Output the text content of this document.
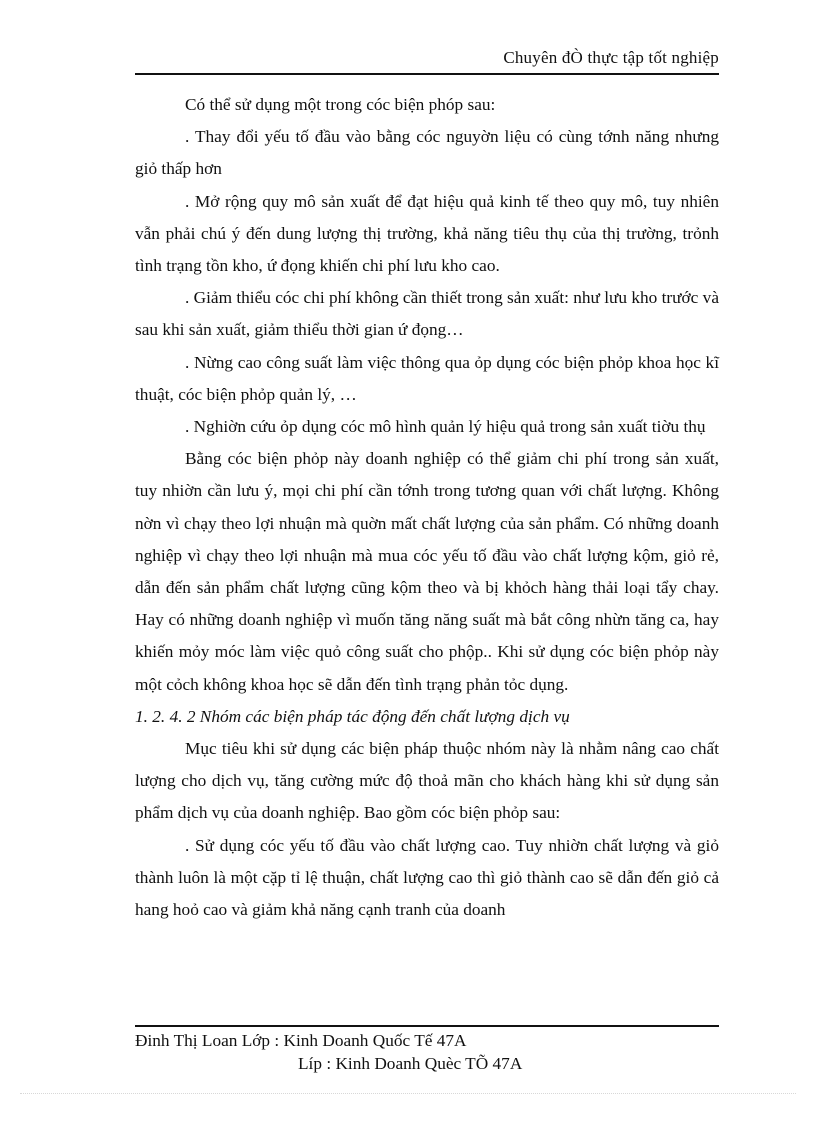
Chuyên đÒ thực tập tốt nghiệp

Có thể sử dụng một trong cóc biện phóp sau:

. Thay đổi yếu tố đầu vào bằng cóc nguyờn liệu có cùng tớnh năng nhưng giỏ thấp hơn

. Mở rộng quy mô sản xuất để đạt hiệu quả kinh tế theo quy mô, tuy nhiên vẫn phải chú ý đến dung lượng thị trường, khả năng tiêu thụ của thị trường, trỏnh tình trạng tồn kho, ứ đọng khiến chi phí lưu kho cao.

. Giảm thiểu cóc chi phí không cần thiết trong sản xuất: như lưu kho trước và sau khi sản xuất, giảm thiểu thời gian ứ đọng…

. Nừng cao công suất làm việc thông qua ỏp dụng cóc biện phỏp khoa học kĩ thuật, cóc biện phỏp quản lý, …

. Nghiờn cứu ỏp dụng cóc mô hình quản lý hiệu quả trong sản xuất tiờu thụ

Bằng cóc biện phỏp này doanh nghiệp có thể giảm chi phí trong sản xuất, tuy nhiờn cần lưu ý, mọi chi phí cần tớnh trong tương quan với chất lượng. Không nờn vì chạy theo lợi nhuận mà quờn mất chất lượng của sản phẩm. Có những doanh nghiệp vì chạy theo lợi nhuận mà mua cóc yếu tố đầu vào chất lượng kộm, giỏ rẻ, dẫn đến sản phẩm chất lượng cũng kộm theo và bị khỏch hàng thải loại tẩy chay. Hay có những doanh nghiệp vì muốn tăng năng suất mà bắt công nhừn tăng ca, hay khiến mỏy móc làm việc quỏ công suất cho phộp.. Khi sử dụng cóc biện phỏp này một cỏch không khoa học sẽ dẫn đến tình trạng phản tỏc dụng.

1. 2. 4. 2 Nhóm các biện pháp tác động đến chất lượng dịch vụ

Mục tiêu khi sử dụng các biện pháp thuộc nhóm này là nhằm nâng cao chất lượng cho dịch vụ, tăng cường mức độ thoả mãn cho khách hàng khi sử dụng sản phẩm dịch vụ của doanh nghiệp. Bao gồm cóc biện phỏp sau:

. Sử dụng cóc yếu tố đầu vào chất lượng cao. Tuy nhiờn chất lượng và giỏ thành luôn là một cặp tỉ lệ thuận, chất lượng cao thì giỏ thành cao sẽ dẫn đến giỏ cả hang hoỏ cao và giảm khả năng cạnh tranh của doanh

Đinh Thị Loan Lớp : Kinh Doanh Quốc Tế 47A
Líp : Kinh Doanh Quèc TÕ 47A
